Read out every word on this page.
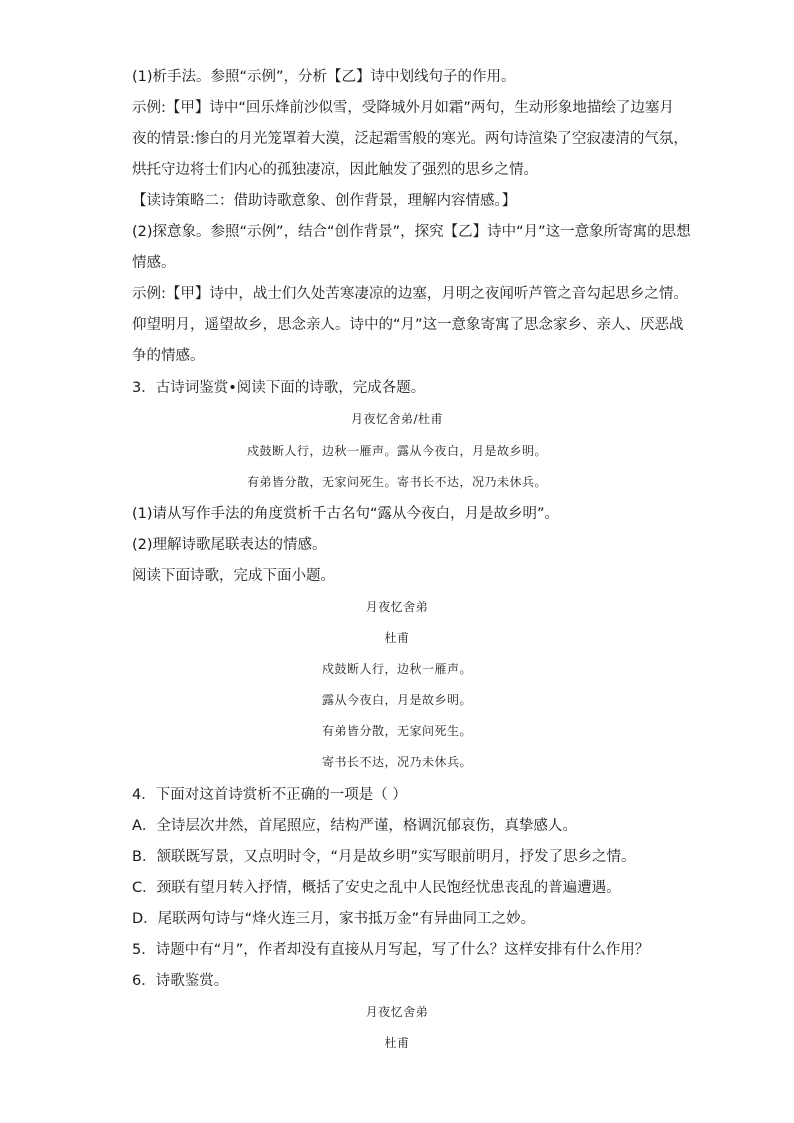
(1)析手法。参照“示例”，分析【乙】诗中划线句子的作用。
示例:【甲】诗中“回乐烽前沙似雪，受降城外月如霜”两句，生动形象地描绘了边塞月
夜的情景:惨白的月光笼罩着大漠，泛起霜雪般的寒光。两句诗渲染了空寂凄清的气氛，
烘托守边将士们内心的孤独凄凉，因此触发了强烈的思乡之情。
【读诗策略二：借助诗歌意象、创作背景，理解内容情感。】
(2)探意象。参照“示例”，结合“创作背景”，探究【乙】诗中“月”这一意象所寄寓的思想
情感。
示例:【甲】诗中，战士们久处苦寒凄凉的边塞，月明之夜闻听芦管之音勾起思乡之情。
仰望明月，遥望故乡，思念亲人。诗中的“月”这一意象寄寓了思念家乡、亲人、厌恶战
争的情感。
3．古诗词鉴赏•阅读下面的诗歌，完成各题。
月夜忆舍弟/杜甫
戍鼓断人行，边秋一雁声。露从今夜白，月是故乡明。
有弟皆分散，无家问死生。寄书长不达，况乃未休兵。
(1)请从写作手法的角度赏析千古名句“露从今夜白，月是故乡明”。
(2)理解诗歌尾联表达的情感。
阅读下面诗歌，完成下面小题。
月夜忆舍弟
杜甫
戍鼓断人行，边秋一雁声。
露从今夜白，月是故乡明。
有弟皆分散，无家问死生。
寄书长不达，况乃未休兵。
4．下面对这首诗赏析不正确的一项是（ ）
A．全诗层次井然，首尾照应，结构严谨，格调沉郁哀伤，真挚感人。
B．颔联既写景，又点明时令，“月是故乡明”实写眼前明月，抒发了思乡之情。
C．颈联有望月转入抒情，概括了安史之乱中人民饱经忧患丧乱的普遍遭遇。
D．尾联两句诗与“烽火连三月，家书抵万金”有异曲同工之妙。
5．诗题中有“月”，作者却没有直接从月写起，写了什么？这样安排有什么作用？
6．诗歌鉴赏。
月夜忆舍弟
杜甫
